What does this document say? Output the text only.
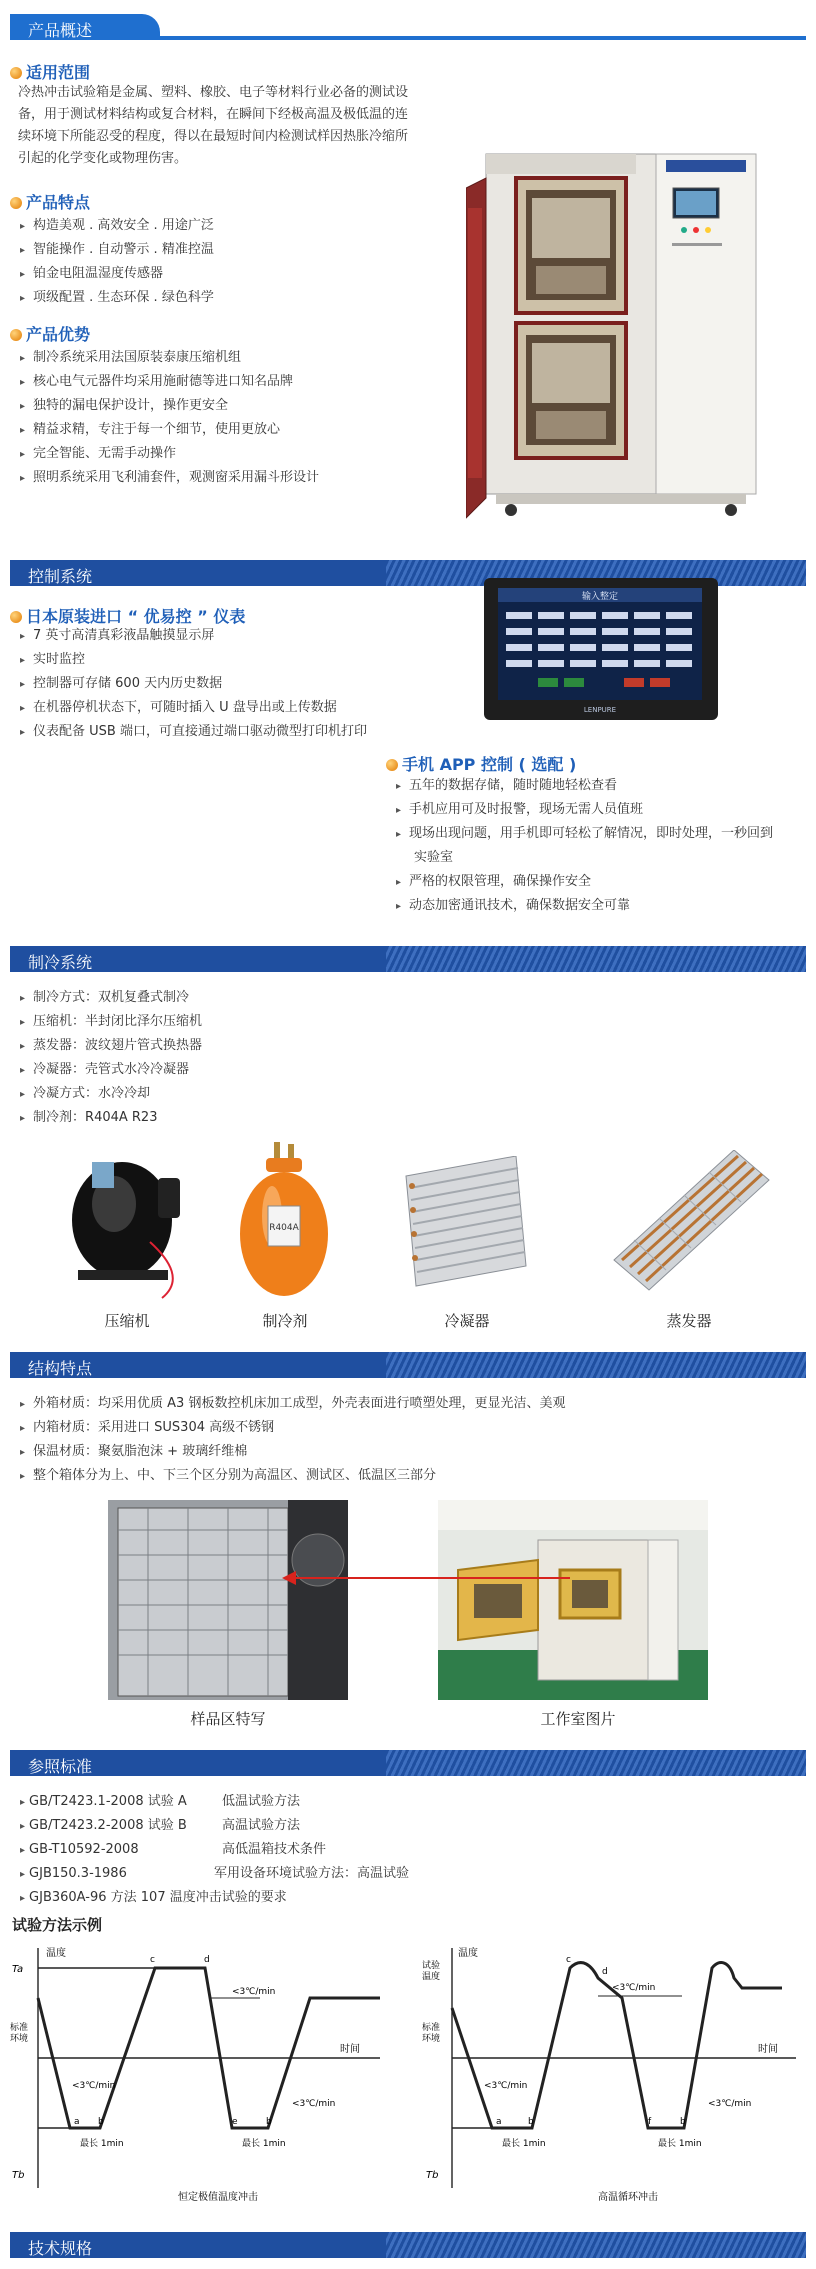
产品概述
适用范围
冷热冲击试验箱是金属、塑料、橡胶、电子等材料行业必备的测试设
备，用于测试材料结构或复合材料，在瞬间下经极高温及极低温的连
续环境下所能忍受的程度，得以在最短时间内检测试样因热胀冷缩所
引起的化学变化或物理伤害。
产品特点
▸ 构造美观 . 高效安全 . 用途广泛
▸ 智能操作 . 自动警示 . 精准控温
▸ 铂金电阻温湿度传感器
▸ 项级配置 . 生态环保 . 绿色科学
产品优势
▸ 制冷系统采用法国原装泰康压缩机组
▸ 核心电气元器件均采用施耐德等进口知名品牌
▸ 独特的漏电保护设计，操作更安全
▸ 精益求精，专注于每一个细节，使用更放心
▸ 完全智能、无需手动操作
▸ 照明系统采用飞利浦套件，观测窗采用漏斗形设计
控制系统
日本原装进口 “ 优易控 ” 仪表
▸ 7 英寸高清真彩液晶触摸显示屏
▸ 实时监控
▸ 控制器可存储 600 天内历史数据
▸ 在机器停机状态下，可随时插入 U 盘导出或上传数据
▸ 仪表配备 USB 端口，可直接通过端口驱动微型打印机打印
输入整定
LENPURE
手机 APP 控制 ( 选配 )
▸ 五年的数据存储，随时随地轻松查看
▸ 手机应用可及时报警，现场无需人员值班
▸ 现场出现问题，用手机即可轻松了解情况，即时处理，一秒回到
实验室
▸ 严格的权限管理，确保操作安全
▸ 动态加密通讯技术，确保数据安全可靠
制冷系统
▸ 制冷方式：双机复叠式制冷
▸ 压缩机：半封闭比泽尔压缩机
▸ 蒸发器：波纹翅片管式换热器
▸ 冷凝器：壳管式水冷冷凝器
▸ 冷凝方式：水冷冷却
▸ 制冷剂：R404A R23
R404A
压缩机	制冷剂	冷凝器	蒸发器
结构特点
▸ 外箱材质：均采用优质 A3 钢板数控机床加工成型，外壳表面进行喷塑处理，更显光洁、美观
▸ 内箱材质：采用进口 SUS304 高级不锈钢
▸ 保温材质：聚氨脂泡沫 + 玻璃纤维棉
▸ 整个箱体分为上、中、下三个区分别为高温区、测试区、低温区三部分
样品区特写	工作室图片
参照标准
▸ GB/T2423.1-2008 试验 A	低温试验方法
▸ GB/T2423.2-2008 试验 B	高温试验方法
▸ GB-T10592-2008	高低温箱技术条件
▸ GJB150.3-1986	军用设备环境试验方法：高温试验
▸ GJB360A-96 方法 107 温度冲击试验的要求
试验方法示例
温度
时间
Ta
标准环境
Tb
<3℃/min
<3℃/min
<3℃/min
最长 1min	最长 1min
c	d
a b	e	b
恒定极值温度冲击
温度
时间
试验温度
标准环境
Tb
<3℃/min
<3℃/min
<3℃/min
最长 1min	最长 1min
c
d
a	b	f	b
高温循环冲击
技术规格
